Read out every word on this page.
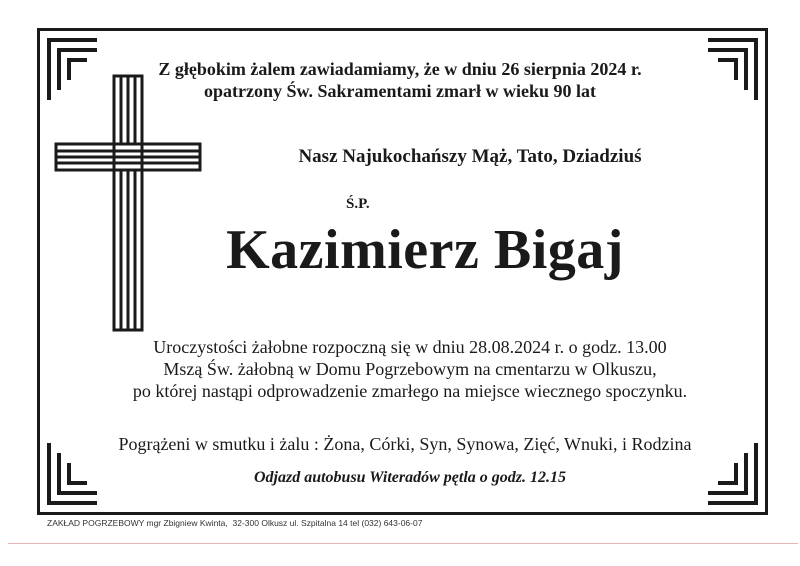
Z głębokim żalem zawiadamiamy, że w dniu 26 sierpnia 2024 r.
opatrzony Św. Sakramentami zmarł w wieku 90 lat
Nasz Najukochańszy Mąż, Tato, Dziadziuś
Ś.P.
Kazimierz Bigaj
Uroczystości żałobne rozpoczną się w dniu 28.08.2024 r. o godz. 13.00
Mszą Św. żałobną w Domu Pogrzebowym na cmentarzu w Olkuszu,
po której nastąpi odprowadzenie zmarłego na miejsce wiecznego spoczynku.
Pogrążeni w smutku i żalu : Żona, Córki, Syn, Synowa, Zięć, Wnuki, i Rodzina
Odjazd autobusu Witeradów pętla o godz. 12.15
ZAKŁAD POGRZEBOWY mgr Zbigniew Kwinta, 32-300 Olkusz ul. Szpitalna 14 tel (032) 643-06-07
